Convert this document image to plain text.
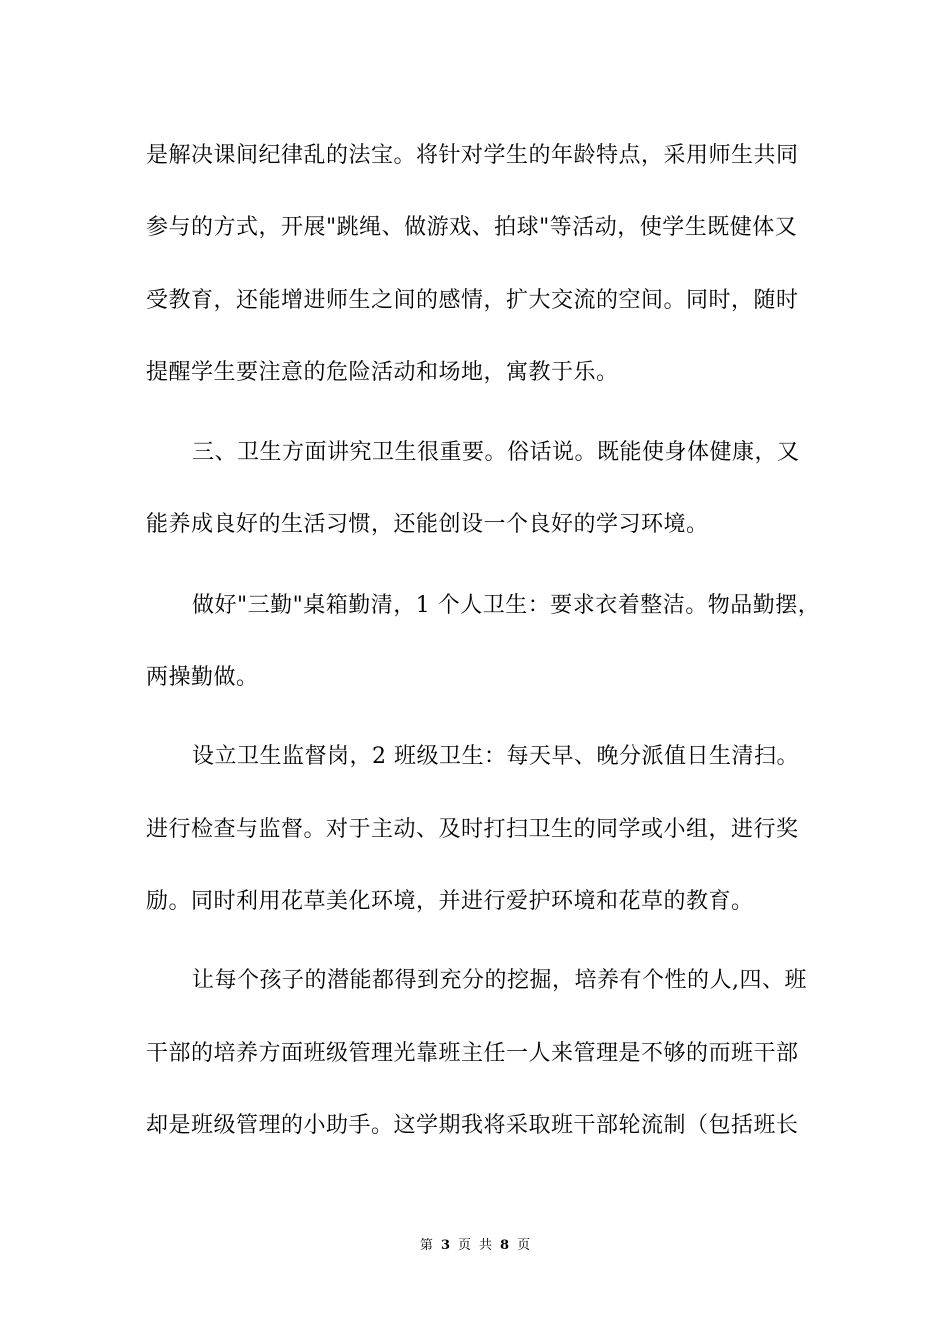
是解决课间纪律乱的法宝。将针对学生的年龄特点，采用师生共同
参与的方式，开展"跳绳、做游戏、拍球"等活动，使学生既健体又
受教育，还能增进师生之间的感情，扩大交流的空间。同时，随时
提醒学生要注意的危险活动和场地，寓教于乐。
三、卫生方面讲究卫生很重要。俗话说。既能使身体健康，又
能养成良好的生活习惯，还能创设一个良好的学习环境。
做好"三勤"桌箱勤清，1 个人卫生：要求衣着整洁。物品勤摆，
两操勤做。
设立卫生监督岗，2 班级卫生：每天早、晚分派值日生清扫。
进行检查与监督。对于主动、及时打扫卫生的同学或小组，进行奖
励。同时利用花草美化环境，并进行爱护环境和花草的教育。
让每个孩子的潜能都得到充分的挖掘，培养有个性的人,四、班
干部的培养方面班级管理光靠班主任一人来管理是不够的而班干部
却是班级管理的小助手。这学期我将采取班干部轮流制（包括班长
第 3 页 共 8 页
